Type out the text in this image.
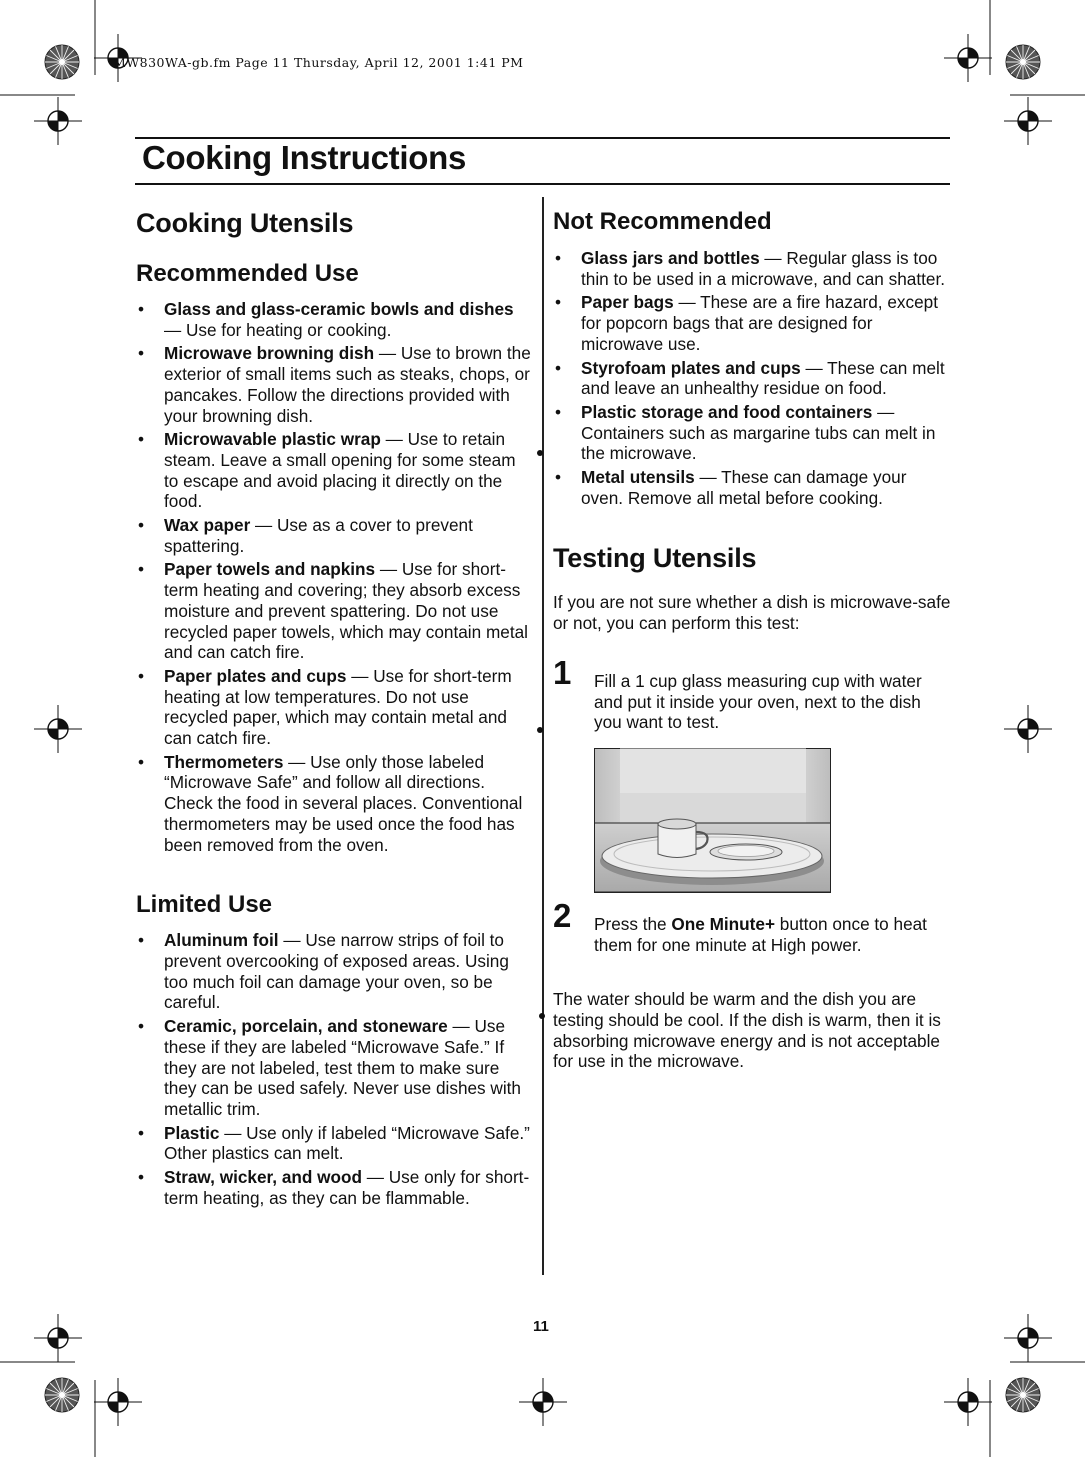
MW830WA-gb.fm Page 11 Thursday, April 12, 2001 1:41 PM
Cooking Instructions
Cooking Utensils
Recommended Use
• Glass and glass-ceramic bowls and dishes — Use for heating or cooking.
• Microwave browning dish — Use to brown the exterior of small items such as steaks, chops, or pancakes. Follow the directions provided with your browning dish.
• Microwavable plastic wrap — Use to retain steam. Leave a small opening for some steam to escape and avoid placing it directly on the food.
• Wax paper — Use as a cover to prevent spattering.
• Paper towels and napkins — Use for short-term heating and covering; they absorb excess moisture and prevent spattering. Do not use recycled paper towels, which may contain metal and can catch fire.
• Paper plates and cups — Use for short-term heating at low temperatures. Do not use recycled paper, which may contain metal and can catch fire.
• Thermometers — Use only those labeled “Microwave Safe” and follow all directions. Check the food in several places. Conventional thermometers may be used once the food has been removed from the oven.
Limited Use
• Aluminum foil — Use narrow strips of foil to prevent overcooking of exposed areas. Using too much foil can damage your oven, so be careful.
• Ceramic, porcelain, and stoneware — Use these if they are labeled “Microwave Safe.” If they are not labeled, test them to make sure they can be used safely. Never use dishes with metallic trim.
• Plastic — Use only if labeled “Microwave Safe.” Other plastics can melt.
• Straw, wicker, and wood — Use only for short-term heating, as they can be flammable.
Not Recommended
• Glass jars and bottles — Regular glass is too thin to be used in a microwave, and can shatter.
• Paper bags — These are a fire hazard, except for popcorn bags that are designed for microwave use.
• Styrofoam plates and cups — These can melt and leave an unhealthy residue on food.
• Plastic storage and food containers — Containers such as margarine tubs can melt in the microwave.
• Metal utensils — These can damage your oven. Remove all metal before cooking.
Testing Utensils

If you are not sure whether a dish is microwave-safe or not, you can perform this test:

1 Fill a 1 cup glass measuring cup with water and put it inside your oven, next to the dish you want to test.
2 Press the One Minute+ button once to heat them for one minute at High power.

The water should be warm and the dish you are testing should be cool. If the dish is warm, then it is absorbing microwave energy and is not acceptable for use in the microwave.

11
